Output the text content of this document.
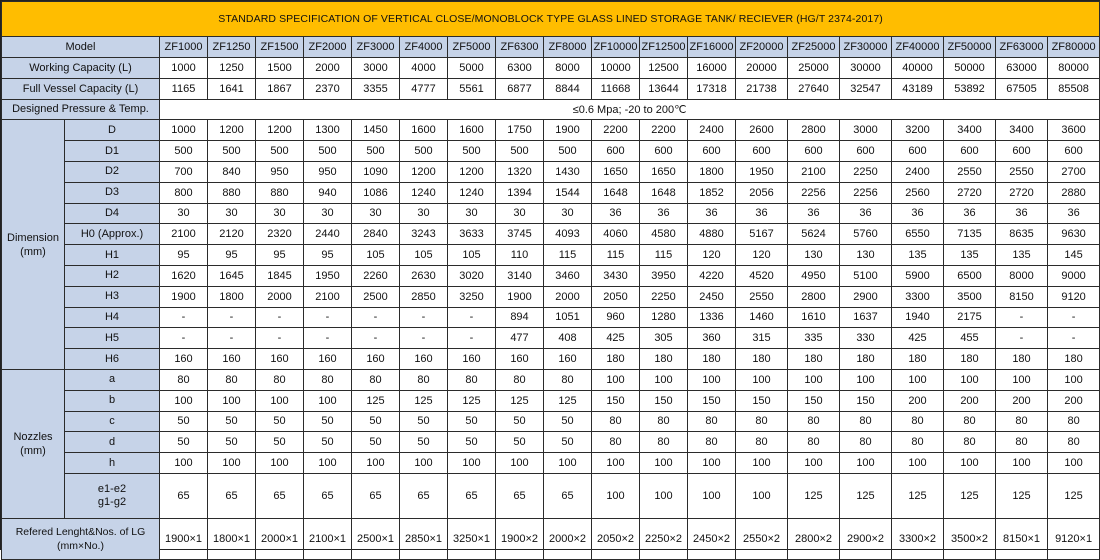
STANDARD SPECIFICATION OF VERTICAL CLOSE/MONOBLOCK TYPE GLASS LINED STORAGE TANK/ RECIEVER (HG/T 2374-2017)																				
Model		ZF1000	ZF1250	ZF1500	ZF2000	ZF3000	ZF4000	ZF5000	ZF6300	ZF8000	ZF10000	ZF12500	ZF16000	ZF20000	ZF25000	ZF30000	ZF40000	ZF50000	ZF63000	ZF80000
Working Capacity (L)		1000	1250	1500	2000	3000	4000	5000	6300	8000	10000	12500	16000	20000	25000	30000	40000	50000	63000	80000
Full Vessel Capacity (L)		1165	1641	1867	2370	3355	4777	5561	6877	8844	11668	13644	17318	21738	27640	32547	43189	53892	67505	85508
Designed Pressure & Temp.		≤0.6 Mpa; -20 to 200℃																		
Dimension
(mm)	D	1000	1200	1200	1300	1450	1600	1600	1750	1900	2200	2200	2400	2600	2800	3000	3200	3400	3400	3600
	D1	500	500	500	500	500	500	500	500	500	600	600	600	600	600	600	600	600	600	600
	D2	700	840	950	950	1090	1200	1200	1320	1430	1650	1650	1800	1950	2100	2250	2400	2550	2550	2700
	D3	800	880	880	940	1086	1240	1240	1394	1544	1648	1648	1852	2056	2256	2256	2560	2720	2720	2880
	D4	30	30	30	30	30	30	30	30	30	36	36	36	36	36	36	36	36	36	36
	H0 (Approx.)	2100	2120	2320	2440	2840	3243	3633	3745	4093	4060	4580	4880	5167	5624	5760	6550	7135	8635	9630
	H1	95	95	95	95	105	105	105	110	115	115	115	120	120	130	130	135	135	135	145
	H2	1620	1645	1845	1950	2260	2630	3020	3140	3460	3430	3950	4220	4520	4950	5100	5900	6500	8000	9000
	H3	1900	1800	2000	2100	2500	2850	3250	1900	2000	2050	2250	2450	2550	2800	2900	3300	3500	8150	9120
	H4	-	-	-	-	-	-	-	894	1051	960	1280	1336	1460	1610	1637	1940	2175	-	-
	H5	-	-	-	-	-	-	-	477	408	425	305	360	315	335	330	425	455	-	-
	H6	160	160	160	160	160	160	160	160	160	180	180	180	180	180	180	180	180	180	180
Nozzles
(mm)	a	80	80	80	80	80	80	80	80	80	100	100	100	100	100	100	100	100	100	100
	b	100	100	100	100	125	125	125	125	125	150	150	150	150	150	150	200	200	200	200
	c	50	50	50	50	50	50	50	50	50	80	80	80	80	80	80	80	80	80	80
	d	50	50	50	50	50	50	50	50	50	80	80	80	80	80	80	80	80	80	80
	h	100	100	100	100	100	100	100	100	100	100	100	100	100	100	100	100	100	100	100
	e1-e2
g1-g2	65	65	65	65	65	65	65	65	65	100	100	100	100	125	125	125	125	125	125
Refered Lenght&Nos. of LG
(mm×No.)		1900×1	1800×1	2000×1	2100×1	2500×1	2850×1	3250×1	1900×2	2000×2	2050×2	2250×2	2450×2	2550×2	2800×2	2900×2	3300×2	3500×2	8150×1	9120×1
